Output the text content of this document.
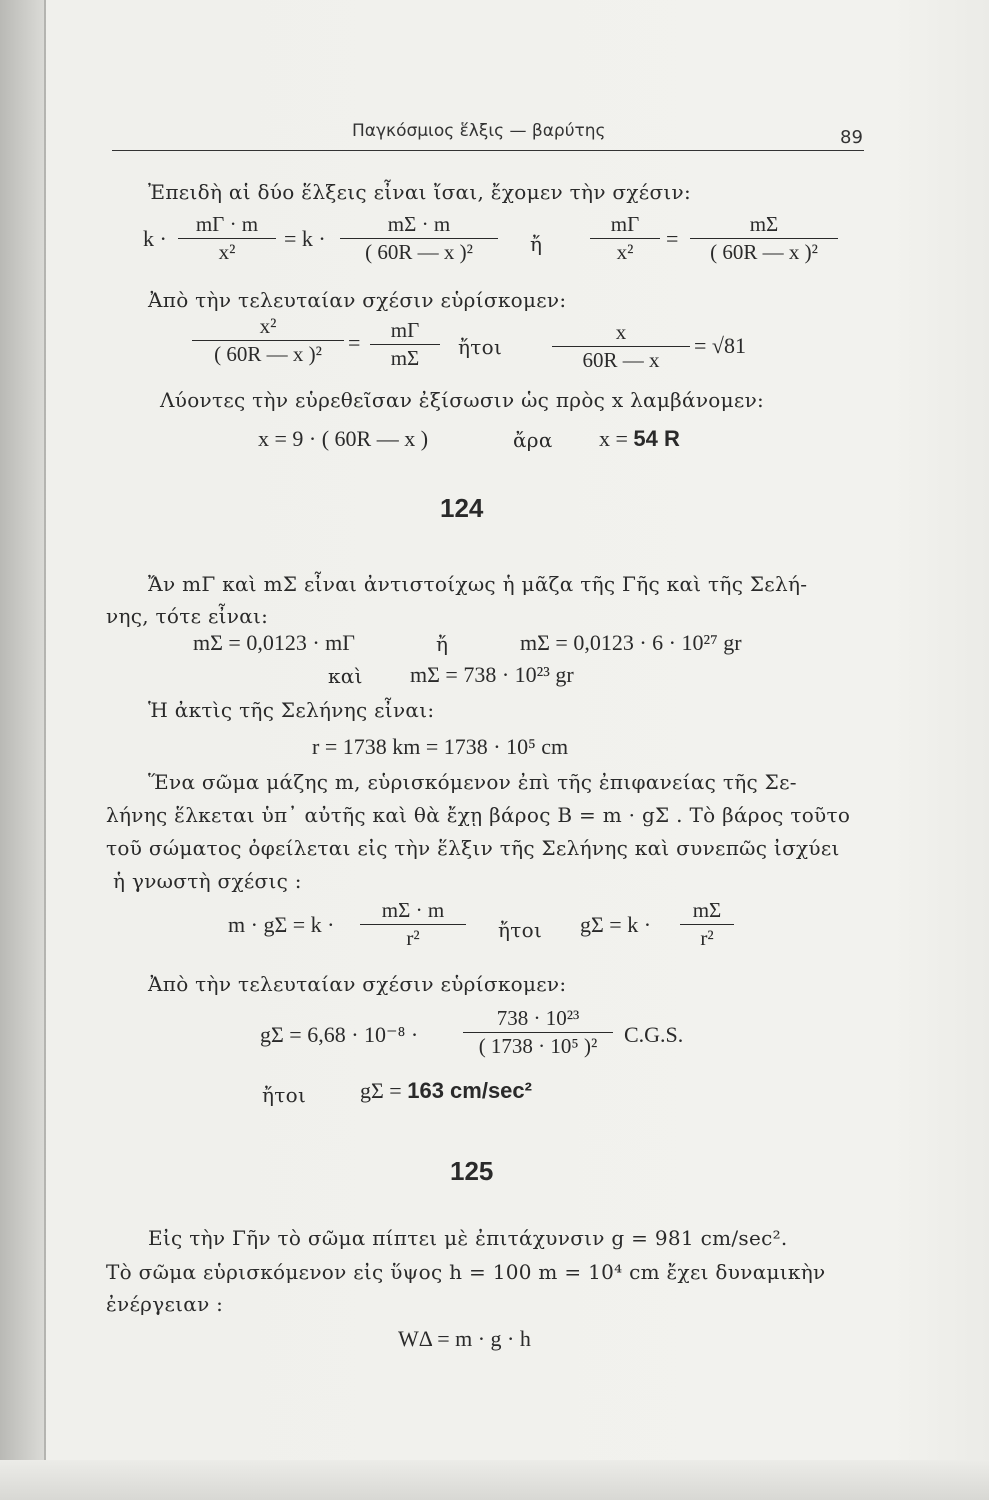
Παγκόσμιος ἕλξις — βαρύτης	89
Ἐπειδὴ αἱ δύο ἕλξεις εἶναι ἴσαι, ἔχομεν τὴν σχέσιν:
$k \cdot \frac{m\Gamma \cdot m}{\text{x²}} = k \cdot \frac{m\Sigma \cdot m}{\text{( 60R — x )²}}$ ἤ $\frac{m\Gamma}{\text{x²}} = \frac{m\Sigma}{\text{( 60R — x )²}}$
Ἀπὸ τὴν τελευταίαν σχέσιν εὑρίσκομεν:
$\frac{\text{x²}}{\text{( 60R — x )²}} = \frac{m\Gamma}{m\Sigma}$ ἤτοι $\frac{x}{60R — x} = √81$
Λύοντες τὴν εὑρεθεῖσαν ἐξίσωσιν ὡς πρὸς x λαμβάνομεν:
x = 9 · ( 60R — x )	ἄρα x = 54 R
124
Ἄν mΓ καὶ mΣ εἶναι ἀντιστοίχως ἡ μᾶζα τῆς Γῆς καὶ τῆς Σελή-
νης, τότε εἶναι:
mΣ = 0,0123 · mΓ	ἤ	mΣ = 0,0123 · 6 · 10²⁷ gr
καὶ mΣ = 738 · 10²³ gr
Ἡ ἀκτὶς τῆς Σελήνης εἶναι:
r = 1738 km = 1738 · 10⁵ cm
Ἕνα σῶμα μάζης m, εὑρισκόμενον ἐπὶ τῆς ἐπιφανείας τῆς Σε-
λήνης ἕλκεται ὑπ᾿ αὐτῆς καὶ θὰ ἔχῃ βάρος B = m · gΣ . Τὸ βάρος τοῦτο
τοῦ σώματος ὀφείλεται εἰς τὴν ἕλξιν τῆς Σελήνης καὶ συνεπῶς ἰσχύει
ἡ γνωστὴ σχέσις :
$m \cdot g\Sigma = k \cdot \frac{m\Sigma \cdot m}{\text{r²}}$ ἤτοι $g\Sigma = k \cdot \frac{m\Sigma}{\text{r²}}$
Ἀπὸ τὴν τελευταίαν σχέσιν εὑρίσκομεν:
$g\Sigma = 6,68 \cdot 10^{-8} \cdot \frac{\text{738 · 10²³}}{\text{( 1738 · 10⁵ )²}} C.G.S$.
ἤτοι gΣ = 163 cm/sec²
125
Εἰς τὴν Γῆν τὸ σῶμα πίπτει μὲ ἐπιτάχυνσιν g = 981 cm/sec².
Τὸ σῶμα εὑρισκόμενον εἰς ὕψος h = 100 m = 10⁴ cm ἔχει δυναμικὴν
ἐνέργειαν :
WΔ = m · g · h
